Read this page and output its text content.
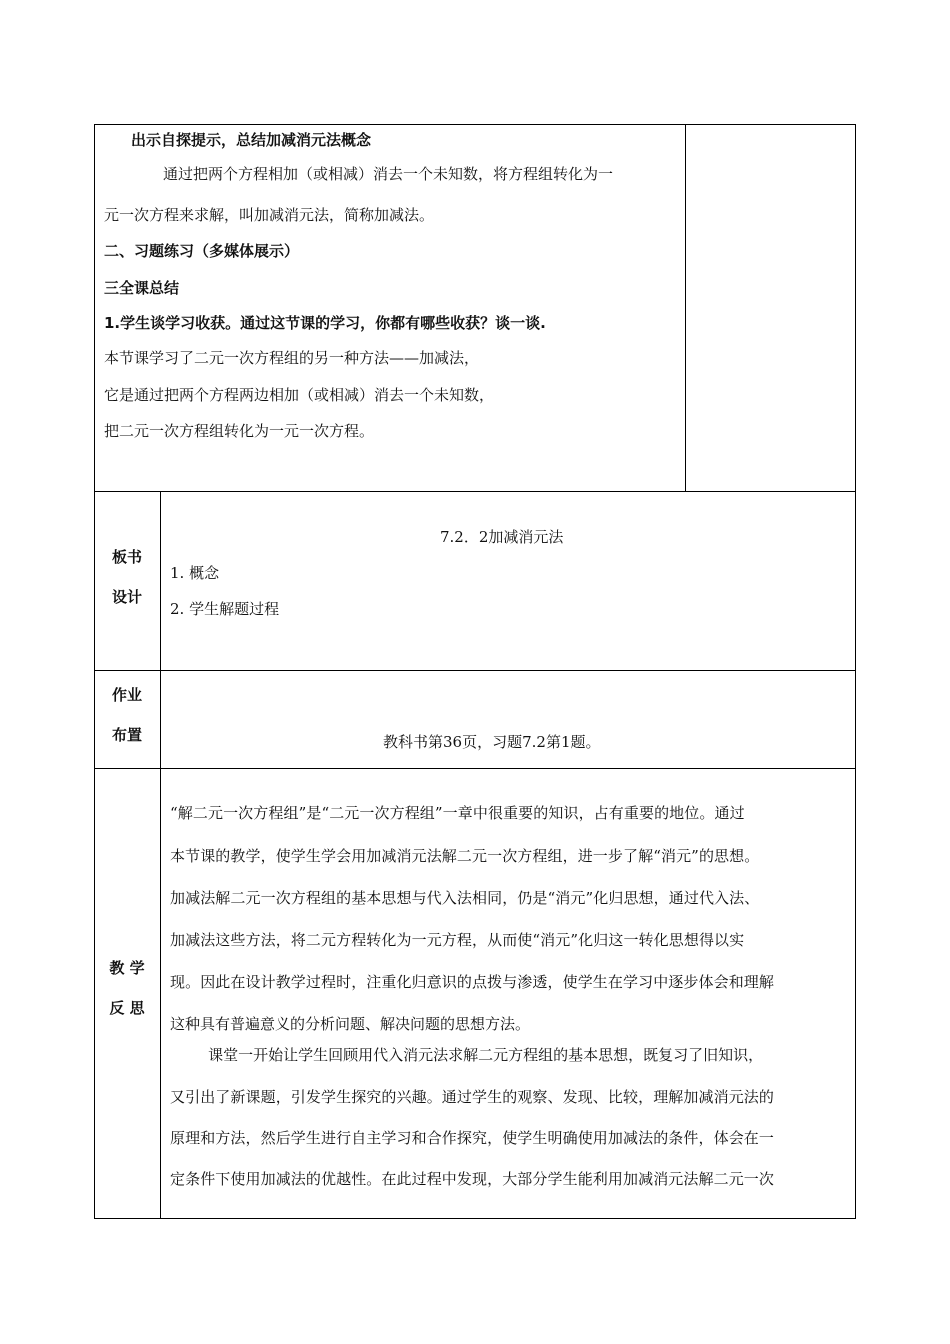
出示自探提示，总结加减消元法概念
通过把两个方程相加（或相减）消去一个未知数，将方程组转化为一
元一次方程来求解，叫加减消元法，简称加减法。
二、习题练习（多媒体展示）
三全课总结
1.学生谈学习收获。通过这节课的学习，你都有哪些收获？谈一谈.
本节课学习了二元一次方程组的另一种方法——加减法，
它是通过把两个方程两边相加（或相减）消去一个未知数，
把二元一次方程组转化为一元一次方程。
板书
设计
7.2．2加减消元法
1. 概念
2. 学生解题过程
作业
布置	教科书第36页，习题7.2第1题。
教 学
反 思
“解二元一次方程组”是“二元一次方程组”一章中很重要的知识，占有重要的地位。通过
本节课的教学，使学生学会用加减消元法解二元一次方程组，进一步了解“消元”的思想。
加减法解二元一次方程组的基本思想与代入法相同，仍是“消元”化归思想，通过代入法、
加减法这些方法，将二元方程转化为一元方程，从而使“消元”化归这一转化思想得以实
现。因此在设计教学过程时，注重化归意识的点拨与渗透，使学生在学习中逐步体会和理解
这种具有普遍意义的分析问题、解决问题的思想方法。
课堂一开始让学生回顾用代入消元法求解二元方程组的基本思想，既复习了旧知识，
又引出了新课题，引发学生探究的兴趣。通过学生的观察、发现、比较，理解加减消元法的
原理和方法，然后学生进行自主学习和合作探究，使学生明确使用加减法的条件，体会在一
定条件下使用加减法的优越性。在此过程中发现，大部分学生能利用加减消元法解二元一次
